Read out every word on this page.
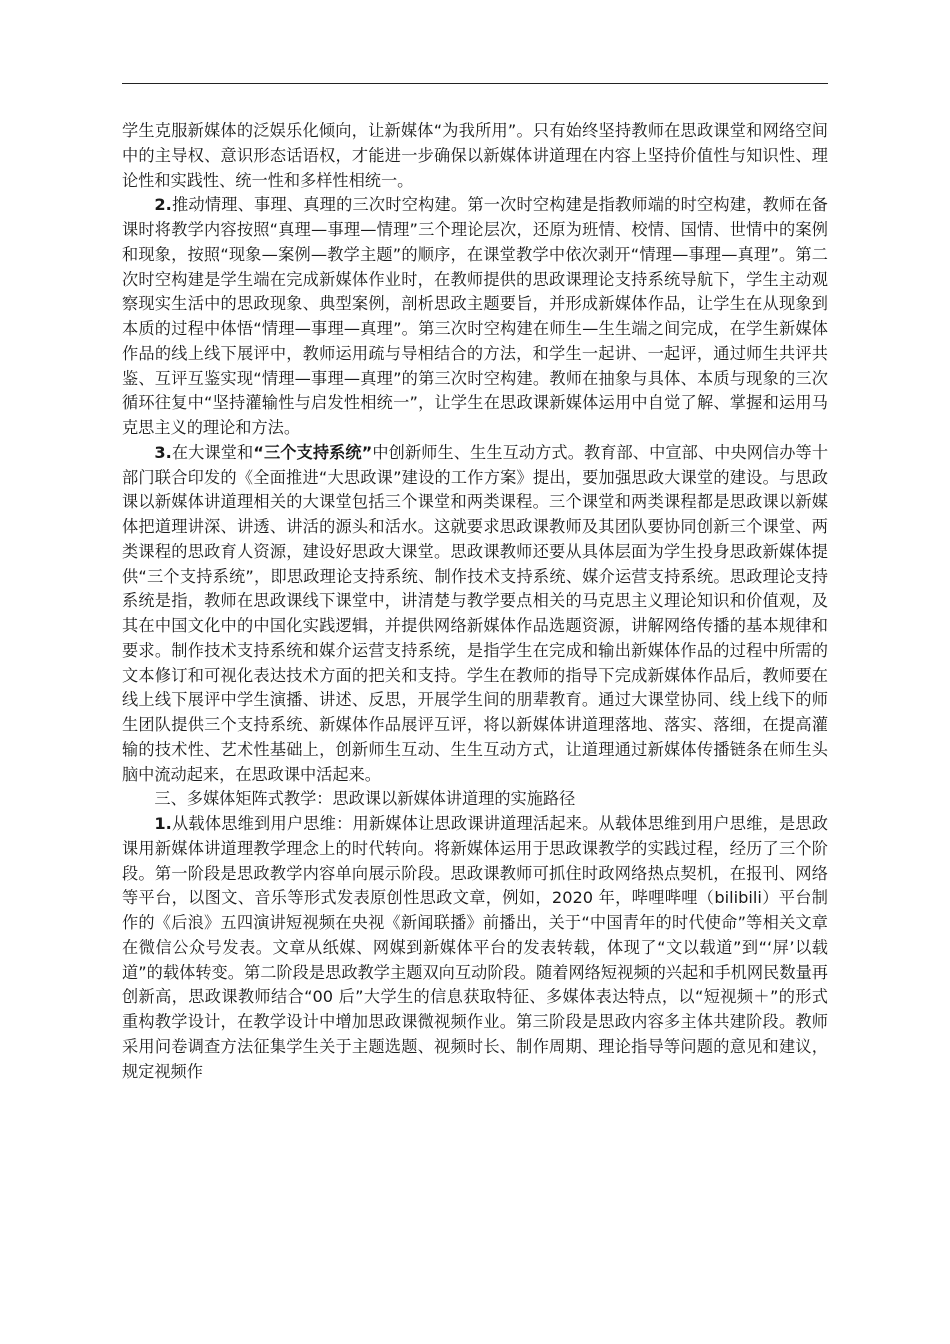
学生克服新媒体的泛娱乐化倾向，让新媒体“为我所用”。只有始终坚持教师在思政课堂和网络空间中的主导权、意识形态话语权，才能进一步确保以新媒体讲道理在内容上坚持价值性与知识性、理论性和实践性、统一性和多样性相统一。

2.推动情理、事理、真理的三次时空构建。第一次时空构建是指教师端的时空构建，教师在备课时将教学内容按照“真理—事理—情理”三个理论层次，还原为班情、校情、国情、世情中的案例和现象，按照“现象—案例—教学主题”的顺序，在课堂教学中依次剥开“情理—事理—真理”。第二次时空构建是学生端在完成新媒体作业时，在教师提供的思政课理论支持系统导航下，学生主动观察现实生活中的思政现象、典型案例，剖析思政主题要旨，并形成新媒体作品，让学生在从现象到本质的过程中体悟“情理—事理—真理”。第三次时空构建在师生—生生端之间完成，在学生新媒体作品的线上线下展评中，教师运用疏与导相结合的方法，和学生一起讲、一起评，通过师生共评共鉴、互评互鉴实现“情理—事理—真理”的第三次时空构建。教师在抽象与具体、本质与现象的三次循环往复中“坚持灌输性与启发性相统一”，让学生在思政课新媒体运用中自觉了解、掌握和运用马克思主义的理论和方法。

3.在大课堂和“三个支持系统”中创新师生、生生互动方式。教育部、中宣部、中央网信办等十部门联合印发的《全面推进“大思政课”建设的工作方案》提出，要加强思政大课堂的建设。与思政课以新媒体讲道理相关的大课堂包括三个课堂和两类课程。三个课堂和两类课程都是思政课以新媒体把道理讲深、讲透、讲活的源头和活水。这就要求思政课教师及其团队要协同创新三个课堂、两类课程的思政育人资源，建设好思政大课堂。思政课教师还要从具体层面为学生投身思政新媒体提供“三个支持系统”，即思政理论支持系统、制作技术支持系统、媒介运营支持系统。思政理论支持系统是指，教师在思政课线下课堂中，讲清楚与教学要点相关的马克思主义理论知识和价值观，及其在中国文化中的中国化实践逻辑，并提供网络新媒体作品选题资源，讲解网络传播的基本规律和要求。制作技术支持系统和媒介运营支持系统，是指学生在完成和输出新媒体作品的过程中所需的文本修订和可视化表达技术方面的把关和支持。学生在教师的指导下完成新媒体作品后，教师要在线上线下展评中学生演播、讲述、反思，开展学生间的朋辈教育。通过大课堂协同、线上线下的师生团队提供三个支持系统、新媒体作品展评互评，将以新媒体讲道理落地、落实、落细，在提高灌输的技术性、艺术性基础上，创新师生互动、生生互动方式，让道理通过新媒体传播链条在师生头脑中流动起来，在思政课中活起来。

三、多媒体矩阵式教学：思政课以新媒体讲道理的实施路径

1.从载体思维到用户思维：用新媒体让思政课讲道理活起来。从载体思维到用户思维，是思政课用新媒体讲道理教学理念上的时代转向。将新媒体运用于思政课教学的实践过程，经历了三个阶段。第一阶段是思政教学内容单向展示阶段。思政课教师可抓住时政网络热点契机，在报刊、网络等平台，以图文、音乐等形式发表原创性思政文章，例如，2020 年，哔哩哔哩（bilibili）平台制作的《后浪》五四演讲短视频在央视《新闻联播》前播出，关于“中国青年的时代使命”等相关文章在微信公众号发表。文章从纸媒、网媒到新媒体平台的发表转载，体现了“文以载道”到“‘屏’以载道”的载体转变。第二阶段是思政教学主题双向互动阶段。随着网络短视频的兴起和手机网民数量再创新高，思政课教师结合“00 后”大学生的信息获取特征、多媒体表达特点，以“短视频＋”的形式重构教学设计，在教学设计中增加思政课微视频作业。第三阶段是思政内容多主体共建阶段。教师采用问卷调查方法征集学生关于主题选题、视频时长、制作周期、理论指导等问题的意见和建议，规定视频作
